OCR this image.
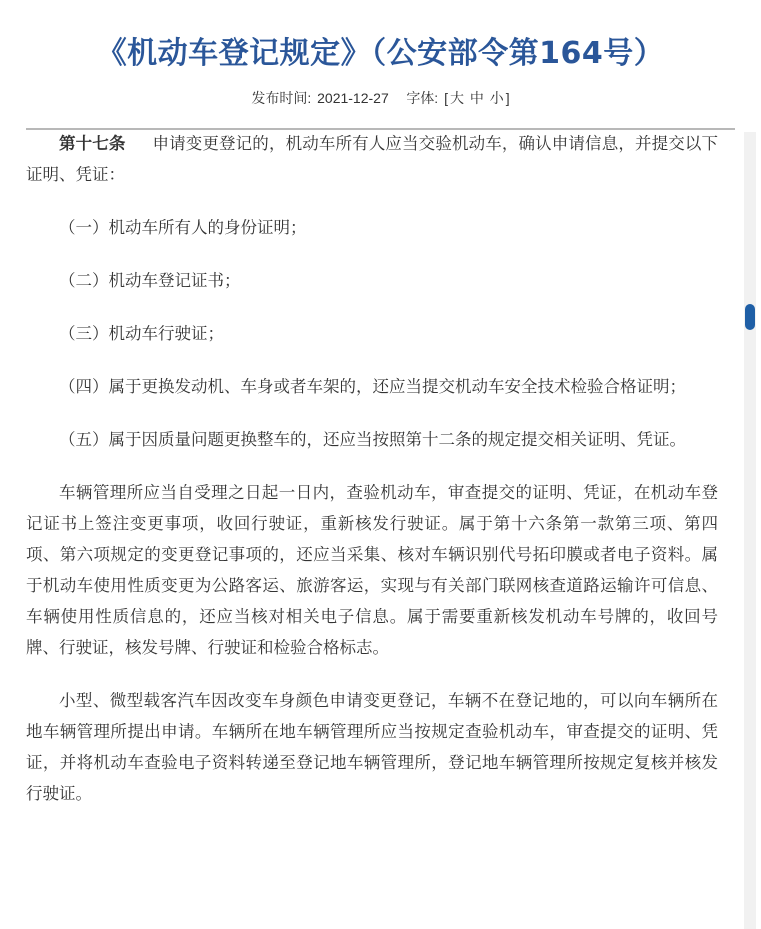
《机动车登记规定》（公安部令第164号）
发布时间: 2021-12-27 字体: [ 大 中 小 ]

第十七条 申请变更登记的，机动车所有人应当交验机动车，确认申请信息，并提交以下证明、凭证：

（一）机动车所有人的身份证明；

（二）机动车登记证书；

（三）机动车行驶证；

（四）属于更换发动机、车身或者车架的，还应当提交机动车安全技术检验合格证明；

（五）属于因质量问题更换整车的，还应当按照第十二条的规定提交相关证明、凭证。

车辆管理所应当自受理之日起一日内，查验机动车，审查提交的证明、凭证，在机动车登记证书上签注变更事项，收回行驶证，重新核发行驶证。属于第十六条第一款第三项、第四项、第六项规定的变更登记事项的，还应当采集、核对车辆识别代号拓印膜或者电子资料。属于机动车使用性质变更为公路客运、旅游客运，实现与有关部门联网核查道路运输许可信息、车辆使用性质信息的，还应当核对相关电子信息。属于需要重新核发机动车号牌的，收回号牌、行驶证，核发号牌、行驶证和检验合格标志。

小型、微型载客汽车因改变车身颜色申请变更登记，车辆不在登记地的，可以向车辆所在地车辆管理所提出申请。车辆所在地车辆管理所应当按规定查验机动车，审查提交的证明、凭证，并将机动车查验电子资料转递至登记地车辆管理所，登记地车辆管理所按规定复核并核发行驶证。
